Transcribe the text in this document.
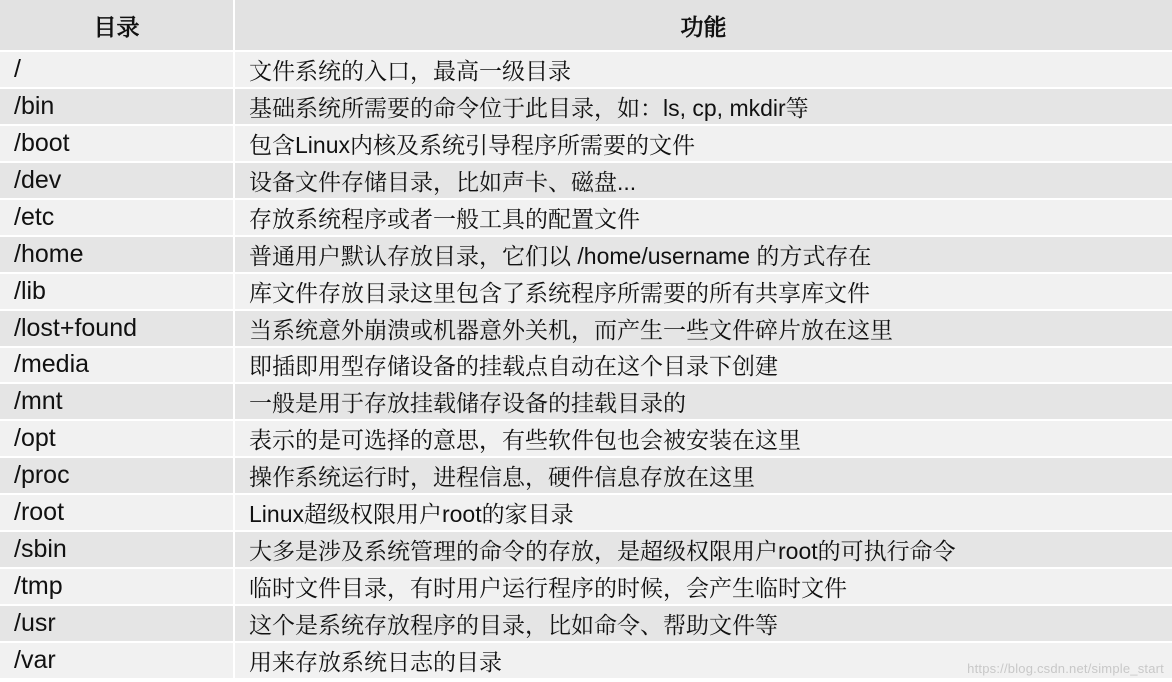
目录	功能
/	文件系统的入口，最高一级目录
/bin	基础系统所需要的命令位于此目录，如：ls, cp, mkdir等
/boot	包含Linux内核及系统引导程序所需要的文件
/dev	设备文件存储目录，比如声卡、磁盘...
/etc	存放系统程序或者一般工具的配置文件
/home	普通用户默认存放目录，它们以 /home/username 的方式存在
/lib	库文件存放目录这里包含了系统程序所需要的所有共享库文件
/lost+found	当系统意外崩溃或机器意外关机，而产生一些文件碎片放在这里
/media	即插即用型存储设备的挂载点自动在这个目录下创建
/mnt	一般是用于存放挂载储存设备的挂载目录的
/opt	表示的是可选择的意思，有些软件包也会被安装在这里
/proc	操作系统运行时，进程信息，硬件信息存放在这里
/root	Linux超级权限用户root的家目录
/sbin	大多是涉及系统管理的命令的存放，是超级权限用户root的可执行命令
/tmp	临时文件目录，有时用户运行程序的时候，会产生临时文件
/usr	这个是系统存放程序的目录，比如命令、帮助文件等
/var	用来存放系统日志的目录	https://blog.csdn.net/simple_start
